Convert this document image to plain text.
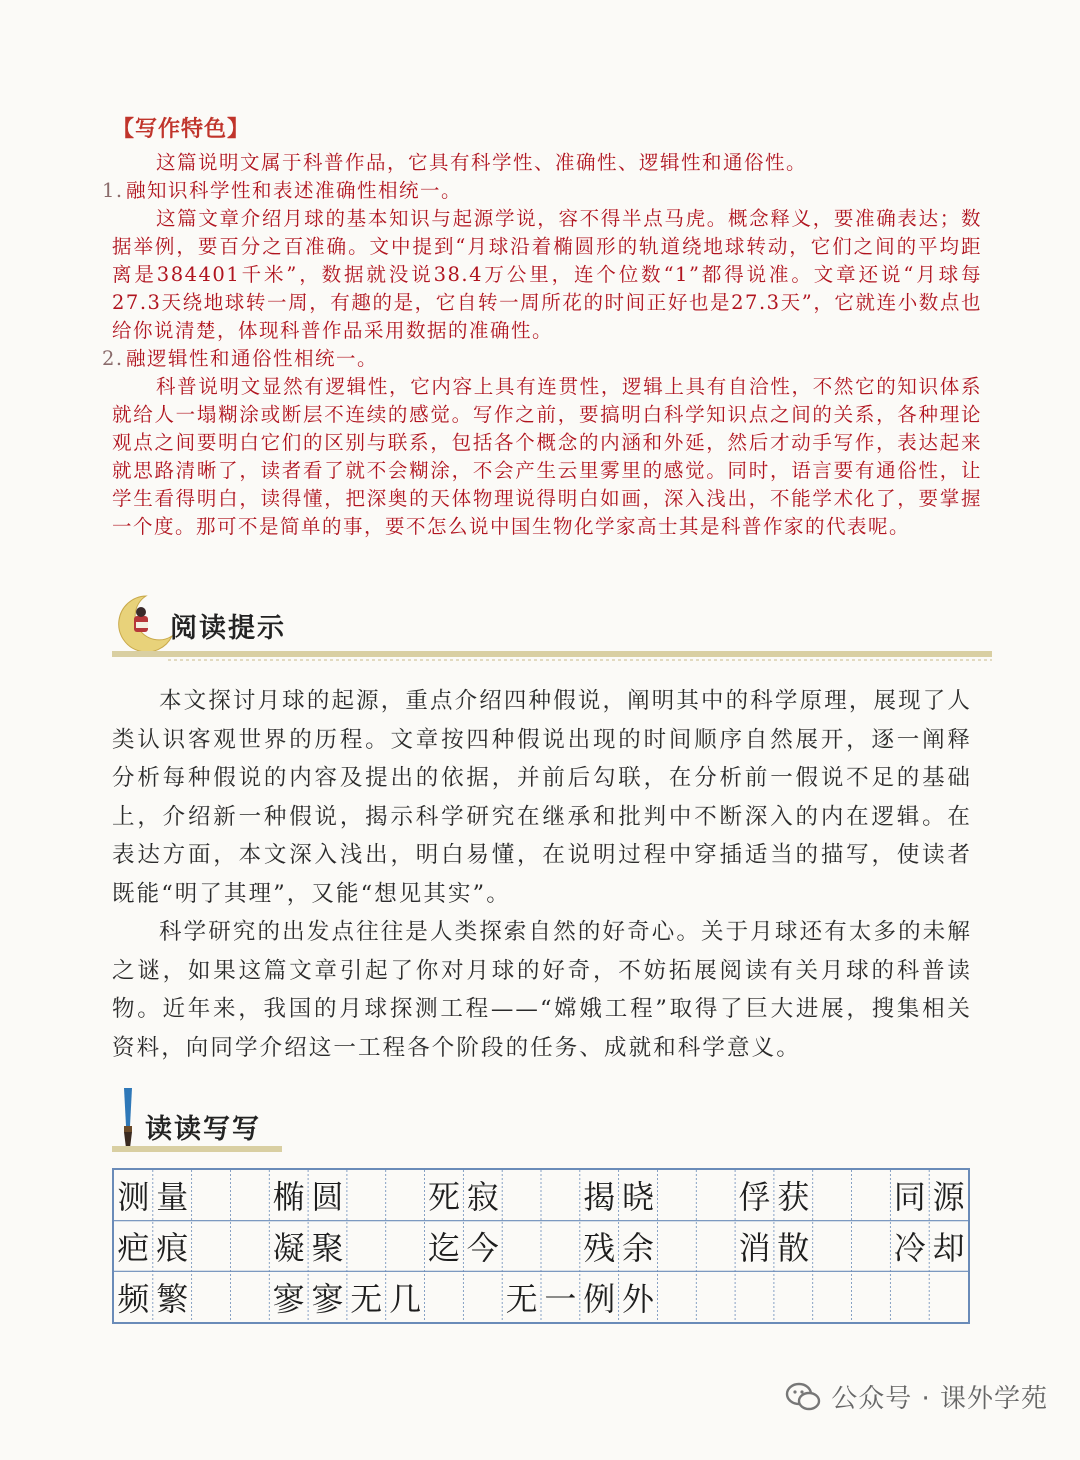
【写作特色】

这篇说明文属于科普作品，它具有科学性、准确性、逻辑性和通俗性。

1. 融知识科学性和表述准确性相统一。

这篇文章介绍月球的基本知识与起源学说，容不得半点马虎。概念释义，要准确表达；数据举例，要百分之百准确。文中提到“月球沿着椭圆形的轨道绕地球转动，它们之间的平均距离是384401千米”，数据就没说38.4万公里，连个位数“1”都得说准。文章还说“月球每27.3天绕地球转一周，有趣的是，它自转一周所花的时间正好也是27.3天”，它就连小数点也给你说清楚，体现科普作品采用数据的准确性。

2. 融逻辑性和通俗性相统一。

科普说明文显然有逻辑性，它内容上具有连贯性，逻辑上具有自洽性，不然它的知识体系就给人一塌糊涂或断层不连续的感觉。写作之前，要搞明白科学知识点之间的关系，各种理论观点之间要明白它们的区别与联系，包括各个概念的内涵和外延，然后才动手写作，表达起来就思路清晰了，读者看了就不会糊涂，不会产生云里雾里的感觉。同时，语言要有通俗性，让学生看得明白，读得懂，把深奥的天体物理说得明白如画，深入浅出，不能学术化了，要掌握一个度。那可不是简单的事，要不怎么说中国生物化学家高士其是科普作家的代表呢。

阅读提示

本文探讨月球的起源，重点介绍四种假说，阐明其中的科学原理，展现了人类认识客观世界的历程。文章按四种假说出现的时间顺序自然展开，逐一阐释分析每种假说的内容及提出的依据，并前后勾联，在分析前一假说不足的基础上，介绍新一种假说，揭示科学研究在继承和批判中不断深入的内在逻辑。在表达方面，本文深入浅出，明白易懂，在说明过程中穿插适当的描写，使读者既能“明了其理”，又能“想见其实”。

科学研究的出发点往往是人类探索自然的好奇心。关于月球还有太多的未解之谜，如果这篇文章引起了你对月球的好奇，不妨拓展阅读有关月球的科普读物。近年来，我国的月球探测工程——“嫦娥工程”取得了巨大进展，搜集相关资料，向同学介绍这一工程各个阶段的任务、成就和科学意义。

读读写写
测 量	椭 圆	死 寂	揭 晓	俘 获	同 源
疤 痕	凝 聚	迄 今	残 余	消 散	冷 却
频 繁	寥 寥 无 几	无 一 例 外
公众号 · 课外学苑
